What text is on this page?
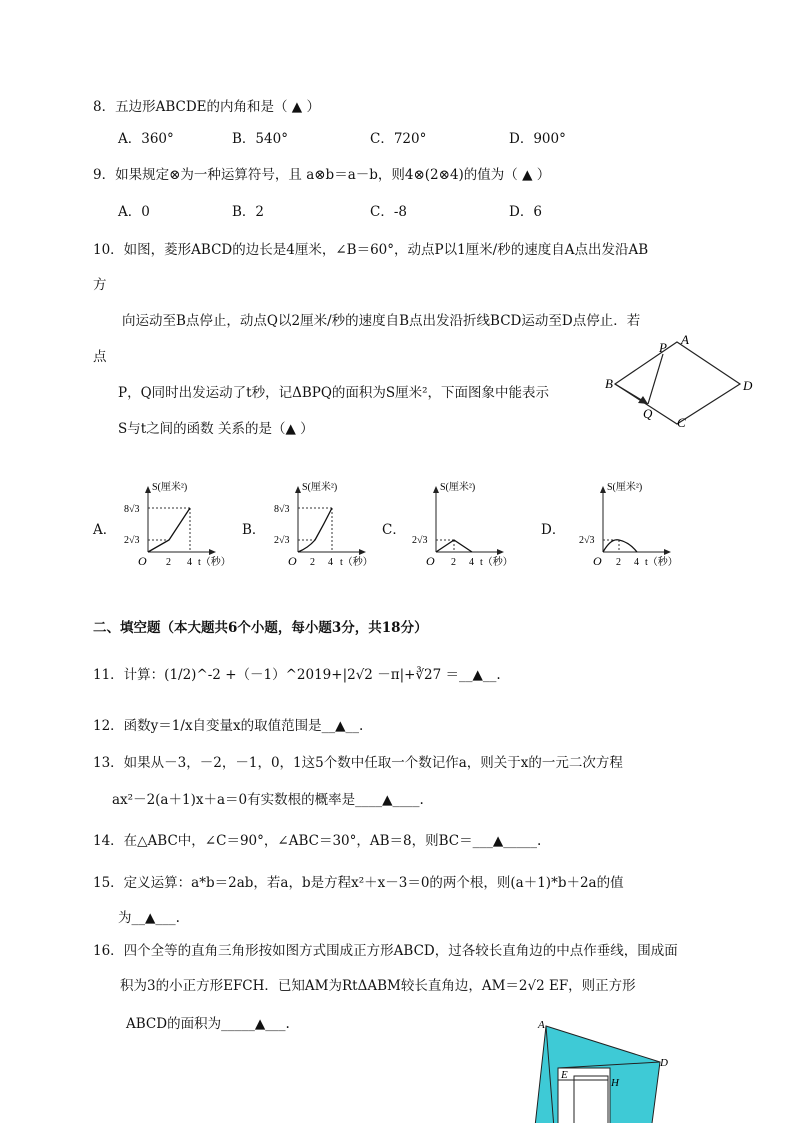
8．五边形ABCDE的内角和是（ ▲ ）
A．360°	B．540°	C．720°	D．900°
9．如果规定⊗为一种运算符号，且 a⊗b＝a－b，则4⊗(2⊗4)的值为（ ▲ ）
A．0	B．2	C．-8	D．6
10．如图，菱形ABCD的边长是4厘米，∠B＝60°，动点P以1厘米/秒的速度自A点出发沿AB
方
向运动至B点停止，动点Q以2厘米/秒的速度自B点出发沿折线BCD运动至D点停止．若
点
P，Q同时出发运动了t秒，记ΔBPQ的面积为S厘米²，下面图象中能表示
S与t之间的函数 关系的是（▲ ）
P
A
B	D
Q
C
A．	B．	C．	D．
S(厘米²)
8√3
2√3
O 2 4 t（秒）
S(厘米²)
8√3
2√3
O 2 4 t（秒）
S(厘米²)
2√3
O 2 4 t（秒）
S(厘米²)
2√3
O 2 4 t（秒）
二、填空题（本大题共6个小题，每小题3分，共18分）
11．计算：(1/2)^-2 +（－1）^2019+|2√2 －π|+∛27 ＝__▲__.
12．函数y＝1/x自变量x的取值范围是__▲__.
13．如果从－3，－2，－1，0，1这5个数中任取一个数记作a，则关于x的一元二次方程
ax²－2(a＋1)x＋a＝0有实数根的概率是____▲____.
14．在△ABC中，∠C＝90°，∠ABC＝30°，AB＝8，则BC＝___▲_____.
15．定义运算：a*b＝2ab，若a，b是方程x²＋x－3＝0的两个根，则(a＋1)*b＋2a的值
为__▲___.
16．四个全等的直角三角形按如图方式围成正方形ABCD，过各较长直角边的中点作垂线，围成面
积为3的小正方形EFCH．已知AM为RtΔABM较长直角边，AM＝2√2 EF，则正方形
ABCD的面积为_____▲___.	A
D
E
H
